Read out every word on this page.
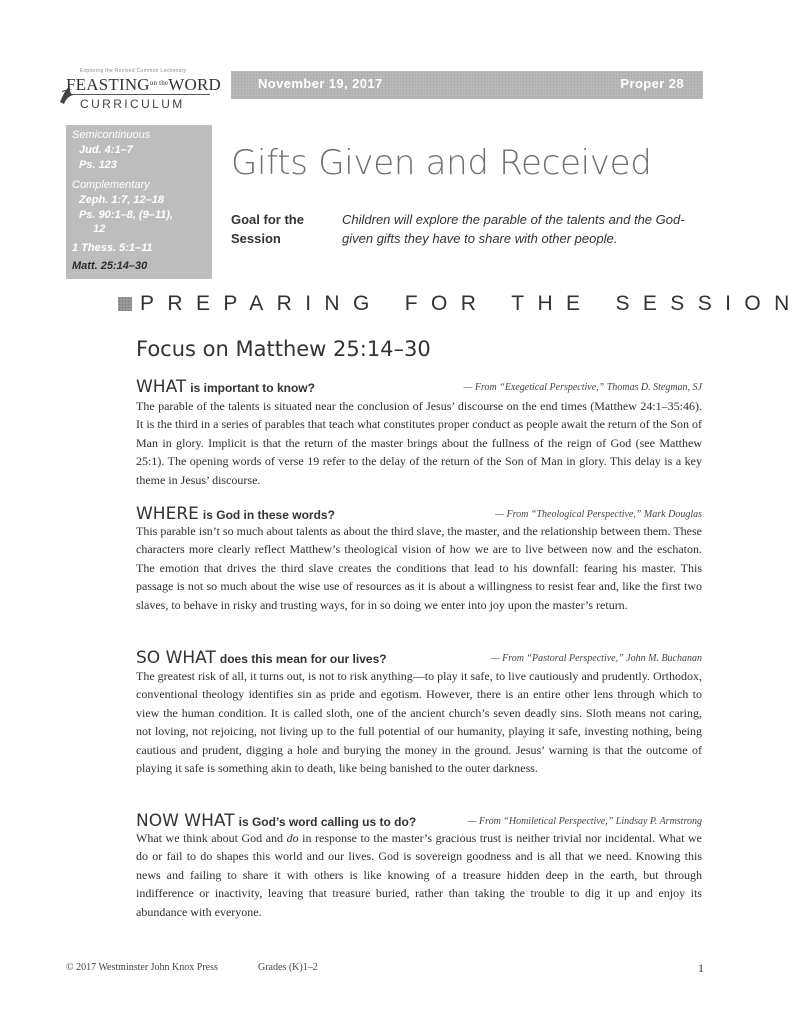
Exploring the Revised Common Lectionary
$FEASTING^{on the}WORD$
CURRICULUM
November 19, 2017	Proper 28
Semicontinuous
Jud. 4:1–7
Ps. 123
Complementary
Zeph. 1:7, 12–18
Ps. 90:1–8, (9–11),
12
1 Thess. 5:1–11
Matt. 25:14–30
Gifts Given and Received
Goal for the Session
Children will explore the parable of the talents and the God-given gifts they have to share with other people.
PREPARING FOR THE SESSION
Focus on Matthew 25:14–30
WHAT is important to know?	— From “Exegetical Perspective,” Thomas D. Stegman, SJ

The parable of the talents is situated near the conclusion of Jesus’ discourse on the end times (Matthew 24:1–35:46). It is the third in a series of parables that teach what constitutes proper conduct as people await the return of the Son of Man in glory. Implicit is that the return of the master brings about the fullness of the reign of God (see Matthew 25:1). The opening words of verse 19 refer to the delay of the return of the Son of Man in glory. This delay is a key theme in Jesus’ discourse.

WHERE is God in these words?	— From “Theological Perspective,” Mark Douglas

This parable isn’t so much about talents as about the third slave, the master, and the relationship between them. These characters more clearly reflect Matthew’s theological vision of how we are to live between now and the eschaton. The emotion that drives the third slave creates the conditions that lead to his downfall: fearing his master. This passage is not so much about the wise use of resources as it is about a willingness to resist fear and, like the first two slaves, to behave in risky and trusting ways, for in so doing we enter into joy upon the master’s return.

SO WHAT does this mean for our lives?	— From “Pastoral Perspective,” John M. Buchanan

The greatest risk of all, it turns out, is not to risk anything—to play it safe, to live cautiously and prudently. Orthodox, conventional theology identifies sin as pride and egotism. However, there is an entire other lens through which to view the human condition. It is called sloth, one of the ancient church’s seven deadly sins. Sloth means not caring, not loving, not rejoicing, not living up to the full potential of our humanity, playing it safe, investing nothing, being cautious and prudent, digging a hole and burying the money in the ground. Jesus’ warning is that the outcome of playing it safe is something akin to death, like being banished to the outer darkness.

NOW WHAT is God’s word calling us to do?	— From “Homiletical Perspective,” Lindsay P. Armstrong

What we think about God and do in response to the master’s gracious trust is neither trivial nor incidental. What we do or fail to do shapes this world and our lives. God is sovereign goodness and is all that we need. Knowing this news and failing to share it with others is like knowing of a treasure hidden deep in the earth, but through indifference or inactivity, leaving that treasure buried, rather than taking the trouble to dig it up and enjoy its abundance with everyone.

© 2017 Westminster John Knox Press	Grades (K)1–2	1
